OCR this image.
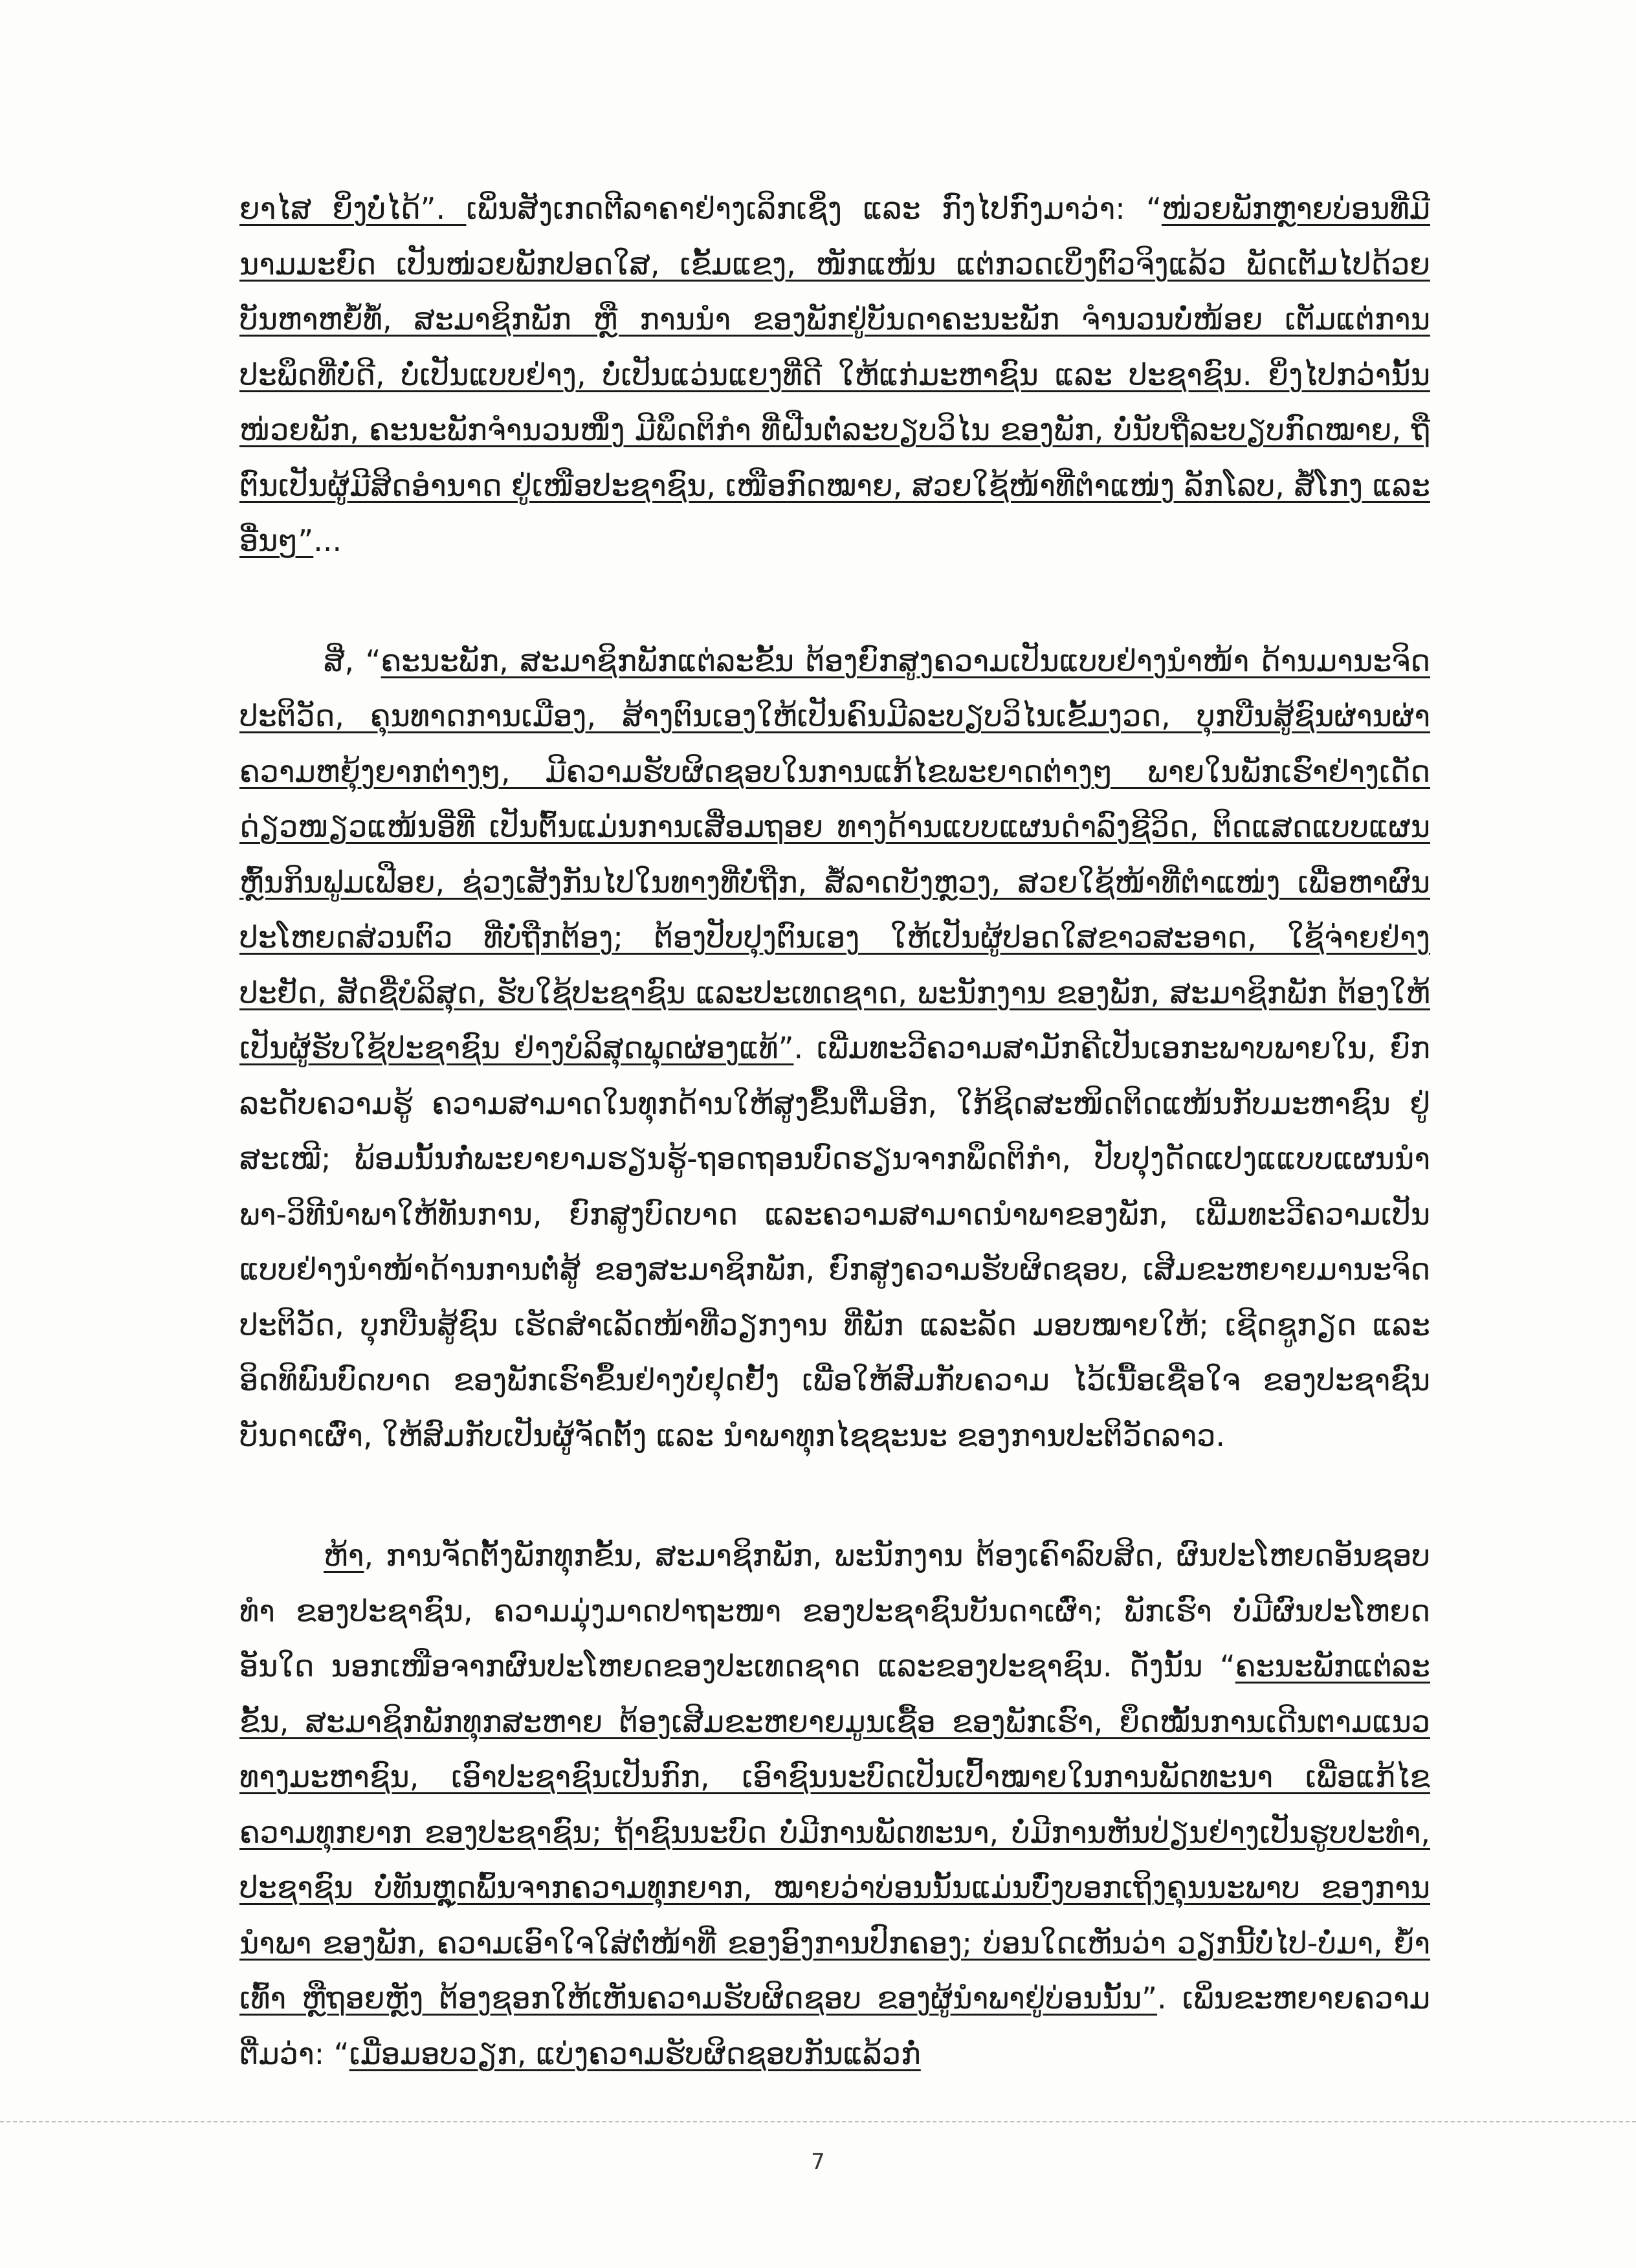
ຍາໄສ ຍິ່ງບໍ່ໄດ້”. ເພິ່ນສັງເກດຕີລາຄາຢ່າງເລິກເຊິ່ງ ແລະ ກົງໄປກົງມາວ່າ: “ໜ່ວຍພັກຫຼາຍບ່ອນທີ່ມີນາມມະຍົດ ເປັນໜ່ວຍພັກປອດໃສ, ເຂັ້ມແຂງ, ໜັກແໜ້ນ ແຕ່ກວດເບິ່ງຕົວຈິງແລ້ວ ພັດເຕັມໄປດ້ວຍບັນຫາຫຍໍ້ທໍ້, ສະມາຊິກພັກ ຫຼື ການນໍາ ຂອງພັກຢູ່ບັນດາຄະນະພັກ ຈໍານວນບໍ່ໜ້ອຍ ເຕັມແຕ່ການປະພຶດທີ່ບໍ່ດີ, ບໍ່ເປັນແບບຢ່າງ, ບໍ່ເປັນແວ່ນແຍງທີ່ດີ ໃຫ້ແກ່ມະຫາຊົນ ແລະ ປະຊາຊົນ. ຍິ່ງໄປກວ່ານັ້ນ ໜ່ວຍພັກ, ຄະນະພັກຈໍານວນໜຶ່ງ ມີພຶດຕິກໍາ ທີ່ຝືນຕໍ່ລະບຽບວິໄນ ຂອງພັກ, ບໍ່ນັບຖືລະບຽບກົດໝາຍ, ຖືຕົນເປັນຜູ້ມີສິດອໍານາດ ຢູ່ເໜືອປະຊາຊົນ, ເໜືອກົດໝາຍ, ສວຍໃຊ້ໜ້າທີ່ຕໍາແໜ່ງ ລັກໂລບ, ສໍ້ໂກງ ແລະ ອື່ນໆ”...

ສີ່, “ຄະນະພັກ, ສະມາຊິກພັກແຕ່ລະຂັ້ນ ຕ້ອງຍົກສູງຄວາມເປັນແບບຢ່າງນໍາໜ້າ ດ້ານມານະຈິດປະຕິວັດ, ຄຸນທາດການເມືອງ, ສ້າງຕົນເອງໃຫ້ເປັນຄົນມີລະບຽບວິໄນເຂັ້ມງວດ, ບຸກບືນສູ້ຊົນຜ່ານຜ່າຄວາມຫຍຸ້ງຍາກຕ່າງໆ, ມີຄວາມຮັບຜິດຊອບໃນການແກ້ໄຂພະຍາດຕ່າງໆ ພາຍໃນພັກເຮົາຢ່າງເດັດດ່ຽວໜຽວແໜ້ນອີ່ທີ່ ເປັນຕົ້ນແມ່ນການເສື່ອມຖອຍ ທາງດ້ານແບບແຜນດໍາລົງຊີວິດ, ຕິດແສດແບບແຜນຫຼົ້ນກິນຟູມເຟືອຍ, ຊ່ວງເສັງກັນໄປໃນທາງທີ່ບໍ່ຖືກ, ສໍ້ລາດບັງຫຼວງ, ສວຍໃຊ້ໜ້າທີ່ຕໍາແໜ່ງ ເພື່ອຫາຜົນປະໂຫຍດສ່ວນຕົວ ທີ່ບໍ່ຖືກຕ້ອງ; ຕ້ອງປັບປຸງຕົນເອງ ໃຫ້ເປັນຜູ້ປອດໃສຂາວສະອາດ, ໃຊ້ຈ່າຍຢ່າງປະຢັດ, ສັດຊື່ບໍລິສຸດ, ຮັບໃຊ້ປະຊາຊົນ ແລະປະເທດຊາດ, ພະນັກງານ ຂອງພັກ, ສະມາຊິກພັກ ຕ້ອງໃຫ້ເປັນຜູ້ຮັບໃຊ້ປະຊາຊົນ ຢ່າງບໍລິສຸດພຸດຜ່ອງແທ້”. ເພີ່ມທະວີຄວາມສາມັກຄີເປັນເອກະພາບພາຍໃນ, ຍົກລະດັບຄວາມຮູ້ ຄວາມສາມາດໃນທຸກດ້ານໃຫ້ສູງຂຶ້ນຕື່ມອີກ, ໃກ້ຊິດສະໜິດຕິດແໜ້ນກັບມະຫາຊົນ ຢູ່ສະເໝີ; ພ້ອມນັ້ນກໍ່ພະຍາຍາມຮຽນຮູ້-ຖອດຖອນບົດຮຽນຈາກພຶດຕິກໍາ, ປັບປຸງດັດແປງແແບບແຜນນໍາພາ-ວິທີນໍາພາໃຫ້ທັນການ, ຍົກສູງບົດບາດ ແລະຄວາມສາມາດນໍາພາຂອງພັກ, ເພີ່ມທະວີຄວາມເປັນແບບຢ່າງນໍາໜ້າດ້ານການຕໍ່ສູ້ ຂອງສະມາຊິກພັກ, ຍົກສູງຄວາມຮັບຜິດຊອບ, ເສີມຂະຫຍາຍມານະຈິດປະຕິວັດ, ບຸກບືນສູ້ຊົນ ເຮັດສໍາເລັດໜ້າທີ່ວຽກງານ ທີ່ພັກ ແລະລັດ ມອບໝາຍໃຫ້; ເຊີດຊູກຽດ ແລະອິດທິພົນບົດບາດ ຂອງພັກເຮົາຂຶ້ນຢ່າງບໍ່ຢຸດຢັ້ງ ເພື່ອໃຫ້ສົມກັບຄວາມ ໄວ້ເນື້ອເຊື່ອໃຈ ຂອງປະຊາຊົນບັນດາເຜົ່າ, ໃຫ້ສົມກັບເປັນຜູ້ຈັດຕັ້ງ ແລະ ນໍາພາທຸກໄຊຊະນະ ຂອງການປະຕິວັດລາວ.

ຫ້າ, ການຈັດຕັ້ງພັກທຸກຂັ້ນ, ສະມາຊິກພັກ, ພະນັກງານ ຕ້ອງເຄົາລົບສິດ, ຜົນປະໂຫຍດອັນຊອບທໍາ ຂອງປະຊາຊົນ, ຄວາມມຸ່ງມາດປາຖະໜາ ຂອງປະຊາຊົນບັນດາເຜົ່າ; ພັກເຮົາ ບໍ່ມີຜົນປະໂຫຍດອັນໃດ ນອກເໜືອຈາກຜົນປະໂຫຍດຂອງປະເທດຊາດ ແລະຂອງປະຊາຊົນ. ດັ່ງນັ້ນ “ຄະນະພັກແຕ່ລະຂັ້ນ, ສະມາຊິກພັກທຸກສະຫາຍ ຕ້ອງເສີມຂະຫຍາຍມູນເຊື້ອ ຂອງພັກເຮົາ, ຍຶດໝັ້ນການເດີນຕາມແນວທາງມະຫາຊົນ, ເອົາປະຊາຊົນເປັນກົກ, ເອົາຊົນນະບົດເປັນເປົ້າໝາຍໃນການພັດທະນາ ເພື່ອແກ້ໄຂຄວາມທຸກຍາກ ຂອງປະຊາຊົນ; ຖ້າຊົນນະບົດ ບໍ່ມີການພັດທະນາ, ບໍ່ມີການຫັນປ່ຽນຢ່າງເປັນຮູບປະທໍາ, ປະຊາຊົນ ບໍ່ທັນຫຼຸດພົ້ນຈາກຄວາມທຸກຍາກ, ໝາຍວ່າບ່ອນນັ້ນແມ່ນບົ່ງບອກເຖິງຄຸນນະພາບ ຂອງການນໍາພາ ຂອງພັກ, ຄວາມເອົາໃຈໃສ່ຕໍ່ໜ້າທີ່ ຂອງອົງການປົກຄອງ; ບ່ອນໃດເຫັນວ່າ ວຽກນີ້ບໍ່ໄປ-ບໍ່ມາ, ຍ້ໍາເທົ້າ ຫຼືຖອຍຫຼັງ ຕ້ອງຊອກໃຫ້ເຫັນຄວາມຮັບຜິດຊອບ ຂອງຜູ້ນໍາພາຢູ່ບ່ອນນັ້ນ”. ເພິ່ນຂະຫຍາຍຄວາມຕື່ມວ່າ: “ເມື່ອມອບວຽກ, ແບ່ງຄວາມຮັບຜິດຊອບກັນແລ້ວກໍ່

7
